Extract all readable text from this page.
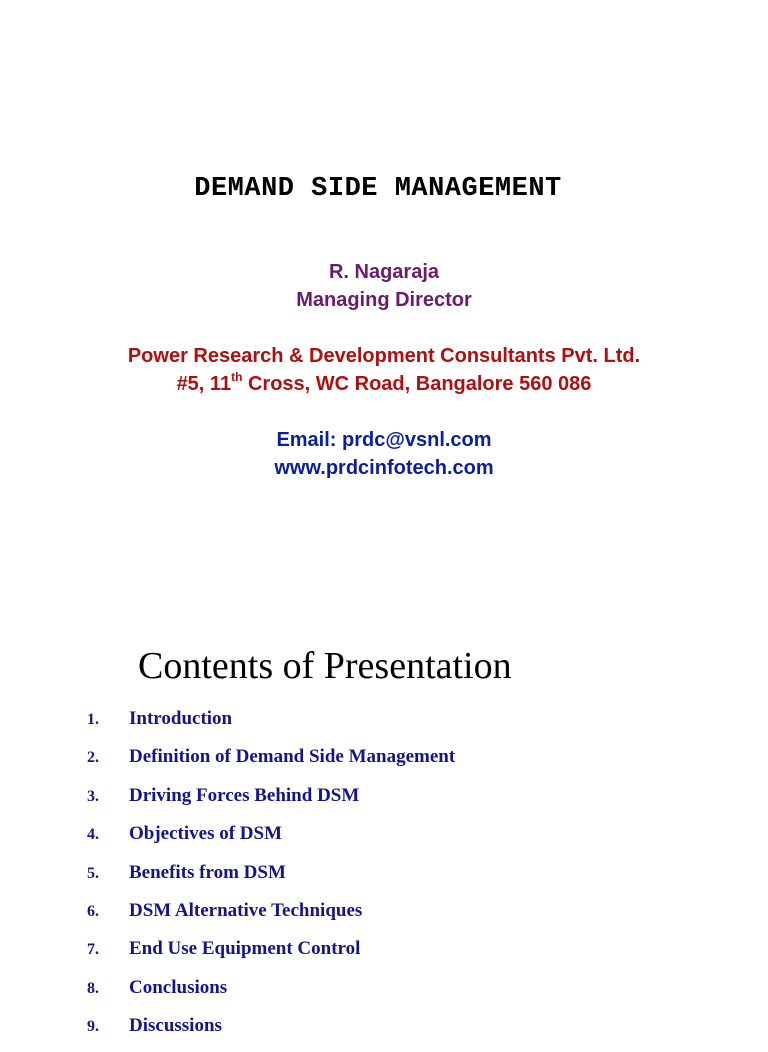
DEMAND SIDE MANAGEMENT
R. Nagaraja
Managing Director
Power Research & Development Consultants Pvt. Ltd.
#5, 11th Cross, WC Road, Bangalore 560 086
Email: prdc@vsnl.com
www.prdcinfotech.com
Contents of Presentation
1. Introduction
2. Definition of Demand Side Management
3. Driving Forces Behind DSM
4. Objectives of DSM
5. Benefits from DSM
6. DSM Alternative Techniques
7. End Use Equipment Control
8. Conclusions
9. Discussions
